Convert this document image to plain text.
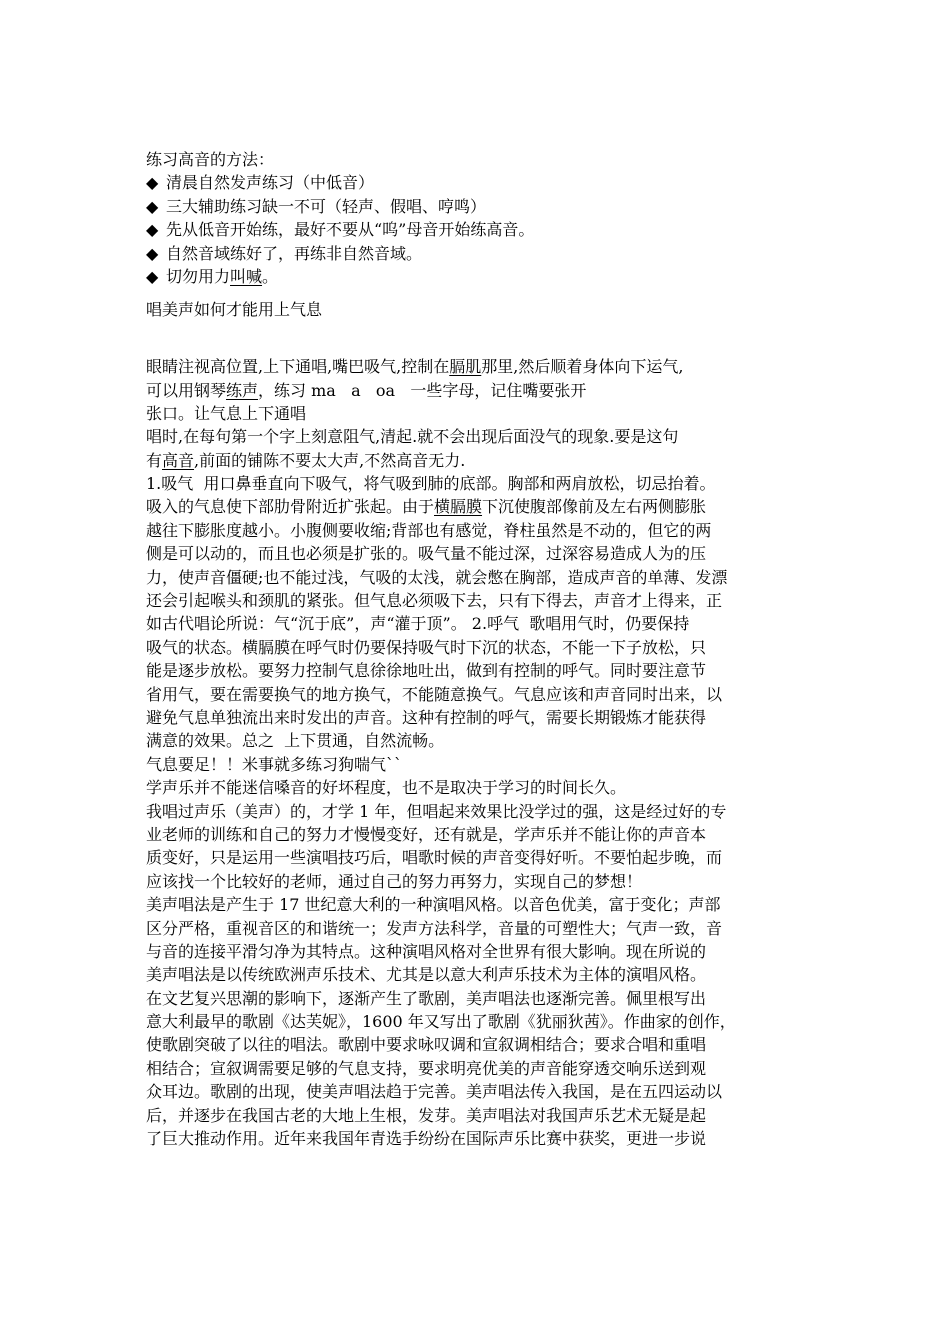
练习高音的方法：
◆ 清晨自然发声练习（中低音）
◆ 三大辅助练习缺一不可（轻声、假唱、哼鸣）
◆ 先从低音开始练，最好不要从“呜”母音开始练高音。
◆ 自然音域练好了，再练非自然音域。
◆ 切勿用力叫喊。
唱美声如何才能用上气息
眼睛注视高位置,上下通唱,嘴巴吸气,控制在膈肌那里,然后顺着身体向下运气,
可以用钢琴练声，练习 ma   a   oa   一些字母，记住嘴要张开
张口。让气息上下通唱
唱时,在每句第一个字上刻意阻气,清起.就不会出现后面没气的现象.要是这句
有高音,前面的铺陈不要太大声,不然高音无力.
1.吸气  用口鼻垂直向下吸气，将气吸到肺的底部。胸部和两肩放松，切忌抬着。
吸入的气息使下部肋骨附近扩张起。由于横膈膜下沉使腹部像前及左右两侧膨胀
越往下膨胀度越小。小腹侧要收缩;背部也有感觉，脊柱虽然是不动的，但它的两
侧是可以动的，而且也必须是扩张的。吸气量不能过深，过深容易造成人为的压
力，使声音僵硬;也不能过浅，气吸的太浅，就会憋在胸部，造成声音的单薄、发漂
还会引起喉头和颈肌的紧张。但气息必须吸下去，只有下得去，声音才上得来，正
如古代唱论所说：气“沉于底”，声“灌于顶”。 2.呼气  歌唱用气时，仍要保持
吸气的状态。横膈膜在呼气时仍要保持吸气时下沉的状态，不能一下子放松，只
能是逐步放松。要努力控制气息徐徐地吐出，做到有控制的呼气。同时要注意节
省用气，要在需要换气的地方换气，不能随意换气。气息应该和声音同时出来，以
避免气息单独流出来时发出的声音。这种有控制的呼气，需要长期锻炼才能获得
满意的效果。总之  上下贯通，自然流畅。
气息要足！！米事就多练习狗喘气``
学声乐并不能迷信嗓音的好坏程度，也不是取决于学习的时间长久。
我唱过声乐（美声）的，才学 1 年，但唱起来效果比没学过的强，这是经过好的专
业老师的训练和自己的努力才慢慢变好，还有就是，学声乐并不能让你的声音本
质变好，只是运用一些演唱技巧后，唱歌时候的声音变得好听。不要怕起步晚，而
应该找一个比较好的老师，通过自己的努力再努力，实现自己的梦想！
美声唱法是产生于 17 世纪意大利的一种演唱风格。以音色优美，富于变化；声部
区分严格，重视音区的和谐统一；发声方法科学，音量的可塑性大；气声一致，音
与音的连接平滑匀净为其特点。这种演唱风格对全世界有很大影响。现在所说的
美声唱法是以传统欧洲声乐技术、尤其是以意大利声乐技术为主体的演唱风格。
在文艺复兴思潮的影响下，逐渐产生了歌剧，美声唱法也逐渐完善。佩里根写出
意大利最早的歌剧《达芙妮》，1600 年又写出了歌剧《犹丽狄茜》。作曲家的创作，
使歌剧突破了以往的唱法。歌剧中要求咏叹调和宣叙调相结合；要求合唱和重唱
相结合；宣叙调需要足够的气息支持，要求明亮优美的声音能穿透交响乐送到观
众耳边。歌剧的出现，使美声唱法趋于完善。美声唱法传入我国，是在五四运动以
后，并逐步在我国古老的大地上生根，发芽。美声唱法对我国声乐艺术无疑是起
了巨大推动作用。近年来我国年青选手纷纷在国际声乐比赛中获奖，更进一步说
